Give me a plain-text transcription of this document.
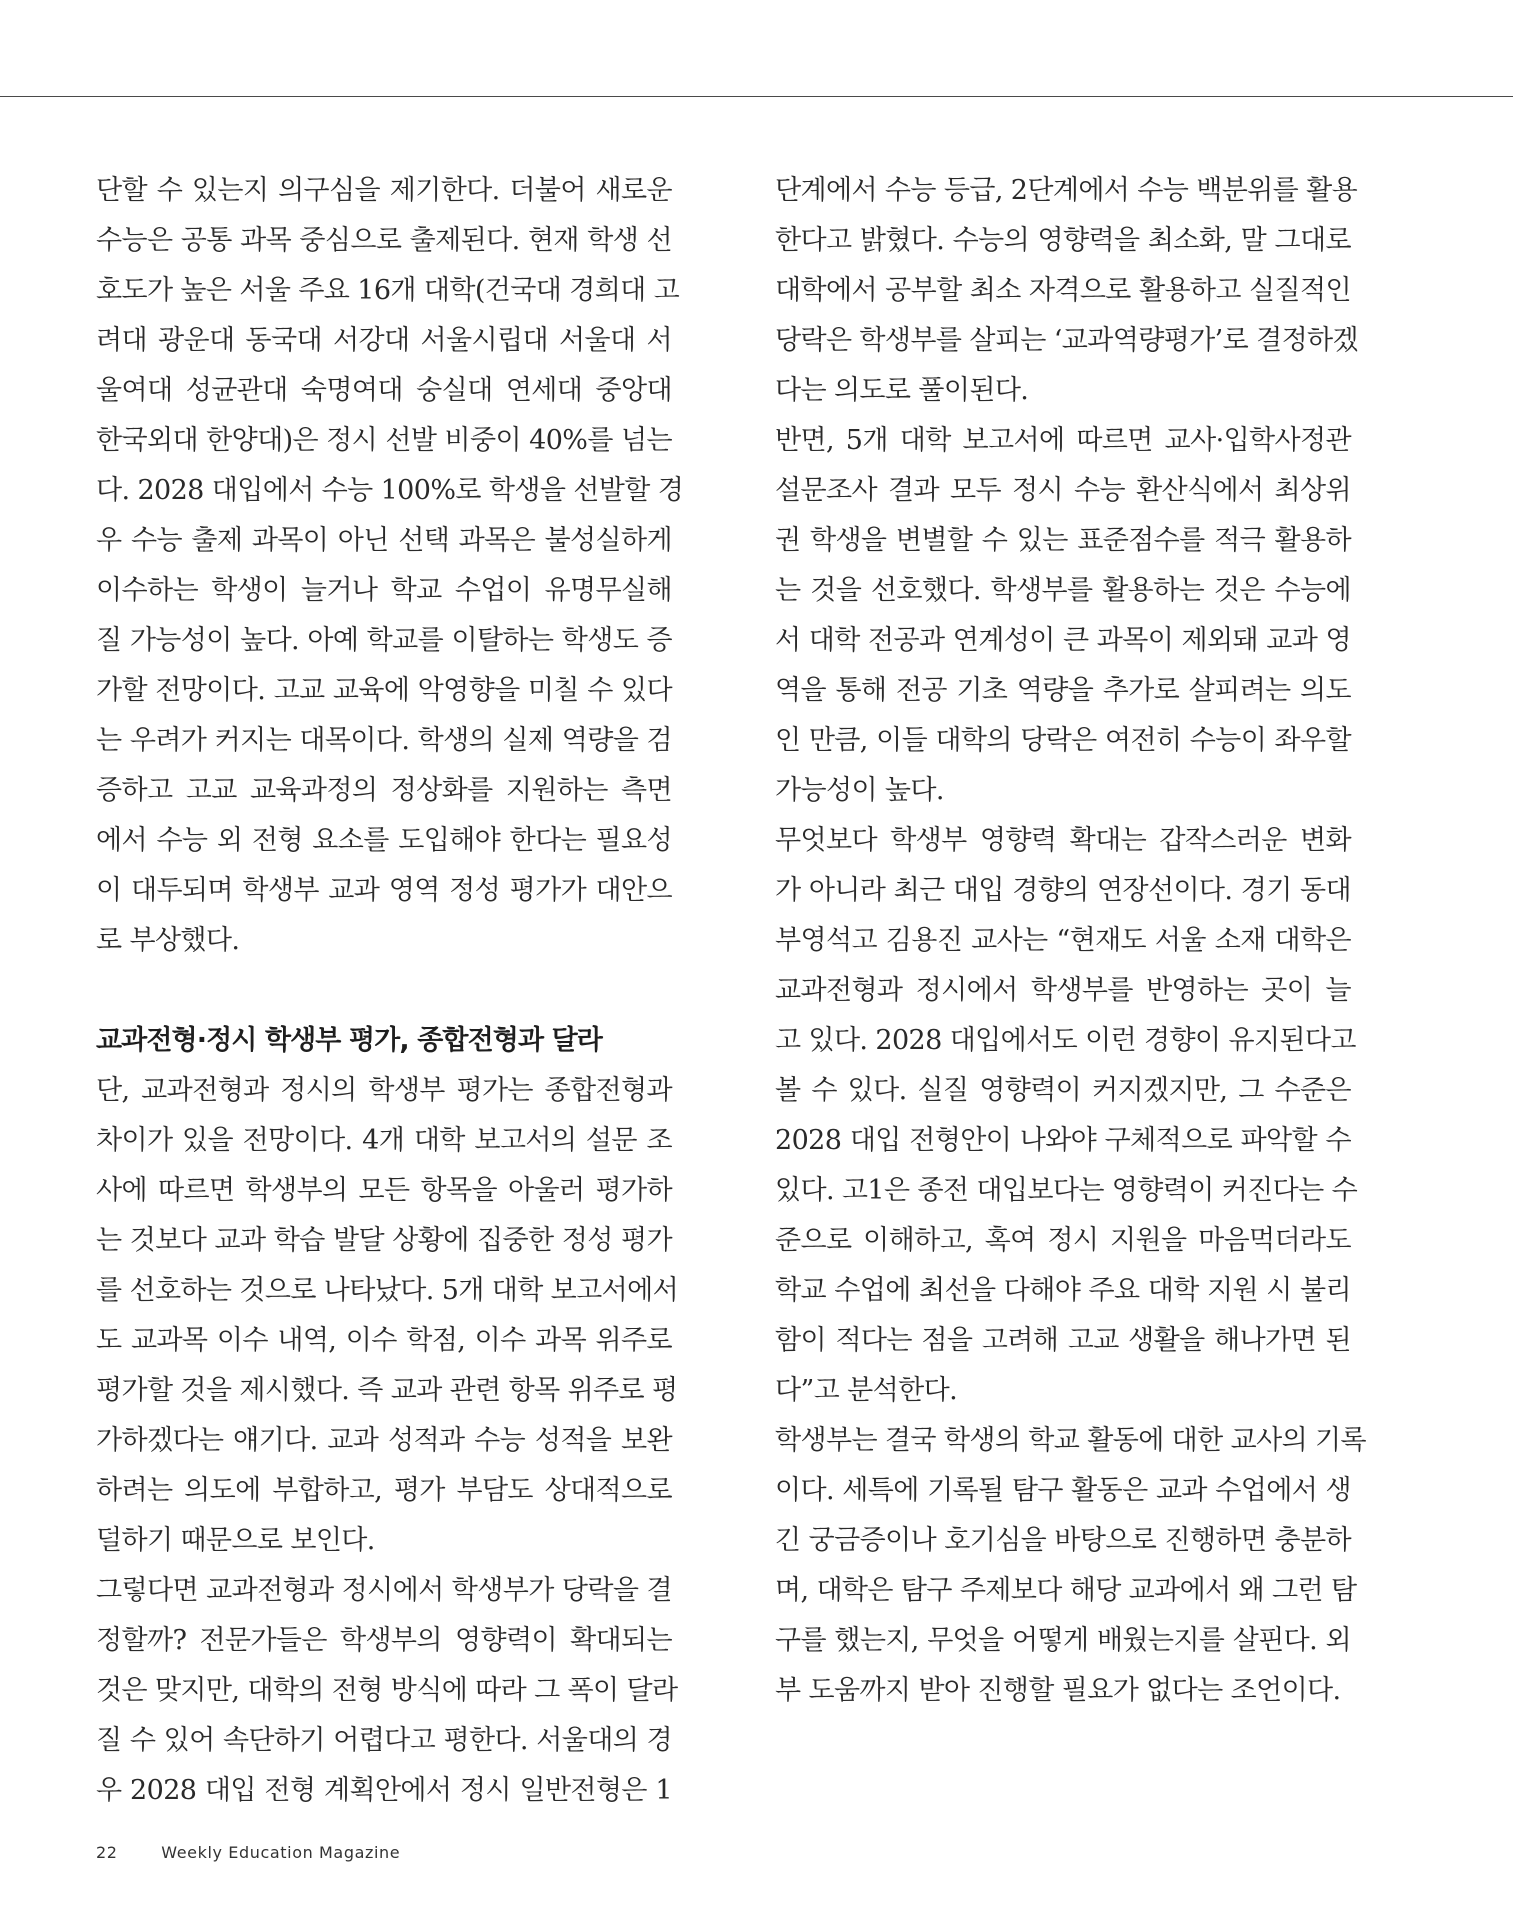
단할 수 있는지 의구심을 제기한다. 더불어 새로운
수능은 공통 과목 중심으로 출제된다. 현재 학생 선
호도가 높은 서울 주요 16개 대학(건국대 경희대 고
려대 광운대 동국대 서강대 서울시립대 서울대 서
울여대 성균관대 숙명여대 숭실대 연세대 중앙대
한국외대 한양대)은 정시 선발 비중이 40%를 넘는
다. 2028 대입에서 수능 100%로 학생을 선발할 경
우 수능 출제 과목이 아닌 선택 과목은 불성실하게
이수하는 학생이 늘거나 학교 수업이 유명무실해
질 가능성이 높다. 아예 학교를 이탈하는 학생도 증
가할 전망이다. 고교 교육에 악영향을 미칠 수 있다
는 우려가 커지는 대목이다. 학생의 실제 역량을 검
증하고 고교 교육과정의 정상화를 지원하는 측면
에서 수능 외 전형 요소를 도입해야 한다는 필요성
이 대두되며 학생부 교과 영역 정성 평가가 대안으
로 부상했다.

교과전형·정시 학생부 평가, 종합전형과 달라

단, 교과전형과 정시의 학생부 평가는 종합전형과
차이가 있을 전망이다. 4개 대학 보고서의 설문 조
사에 따르면 학생부의 모든 항목을 아울러 평가하
는 것보다 교과 학습 발달 상황에 집중한 정성 평가
를 선호하는 것으로 나타났다. 5개 대학 보고서에서
도 교과목 이수 내역, 이수 학점, 이수 과목 위주로
평가할 것을 제시했다. 즉 교과 관련 항목 위주로 평
가하겠다는 얘기다. 교과 성적과 수능 성적을 보완
하려는 의도에 부합하고, 평가 부담도 상대적으로
덜하기 때문으로 보인다.

그렇다면 교과전형과 정시에서 학생부가 당락을 결
정할까? 전문가들은 학생부의 영향력이 확대되는
것은 맞지만, 대학의 전형 방식에 따라 그 폭이 달라
질 수 있어 속단하기 어렵다고 평한다. 서울대의 경
우 2028 대입 전형 계획안에서 정시 일반전형은 1

단계에서 수능 등급, 2단계에서 수능 백분위를 활용
한다고 밝혔다. 수능의 영향력을 최소화, 말 그대로
대학에서 공부할 최소 자격으로 활용하고 실질적인
당락은 학생부를 살피는 ‘교과역량평가’로 결정하겠
다는 의도로 풀이된다.

반면, 5개 대학 보고서에 따르면 교사·입학사정관
설문조사 결과 모두 정시 수능 환산식에서 최상위
권 학생을 변별할 수 있는 표준점수를 적극 활용하
는 것을 선호했다. 학생부를 활용하는 것은 수능에
서 대학 전공과 연계성이 큰 과목이 제외돼 교과 영
역을 통해 전공 기초 역량을 추가로 살피려는 의도
인 만큼, 이들 대학의 당락은 여전히 수능이 좌우할
가능성이 높다.

무엇보다 학생부 영향력 확대는 갑작스러운 변화
가 아니라 최근 대입 경향의 연장선이다. 경기 동대
부영석고 김용진 교사는 “현재도 서울 소재 대학은
교과전형과 정시에서 학생부를 반영하는 곳이 늘
고 있다. 2028 대입에서도 이런 경향이 유지된다고
볼 수 있다. 실질 영향력이 커지겠지만, 그 수준은
2028 대입 전형안이 나와야 구체적으로 파악할 수
있다. 고1은 종전 대입보다는 영향력이 커진다는 수
준으로 이해하고, 혹여 정시 지원을 마음먹더라도
학교 수업에 최선을 다해야 주요 대학 지원 시 불리
함이 적다는 점을 고려해 고교 생활을 해나가면 된
다”고 분석한다.

학생부는 결국 학생의 학교 활동에 대한 교사의 기록
이다. 세특에 기록될 탐구 활동은 교과 수업에서 생
긴 궁금증이나 호기심을 바탕으로 진행하면 충분하
며, 대학은 탐구 주제보다 해당 교과에서 왜 그런 탐
구를 했는지, 무엇을 어떻게 배웠는지를 살핀다. 외
부 도움까지 받아 진행할 필요가 없다는 조언이다.

22	Weekly Education Magazine
